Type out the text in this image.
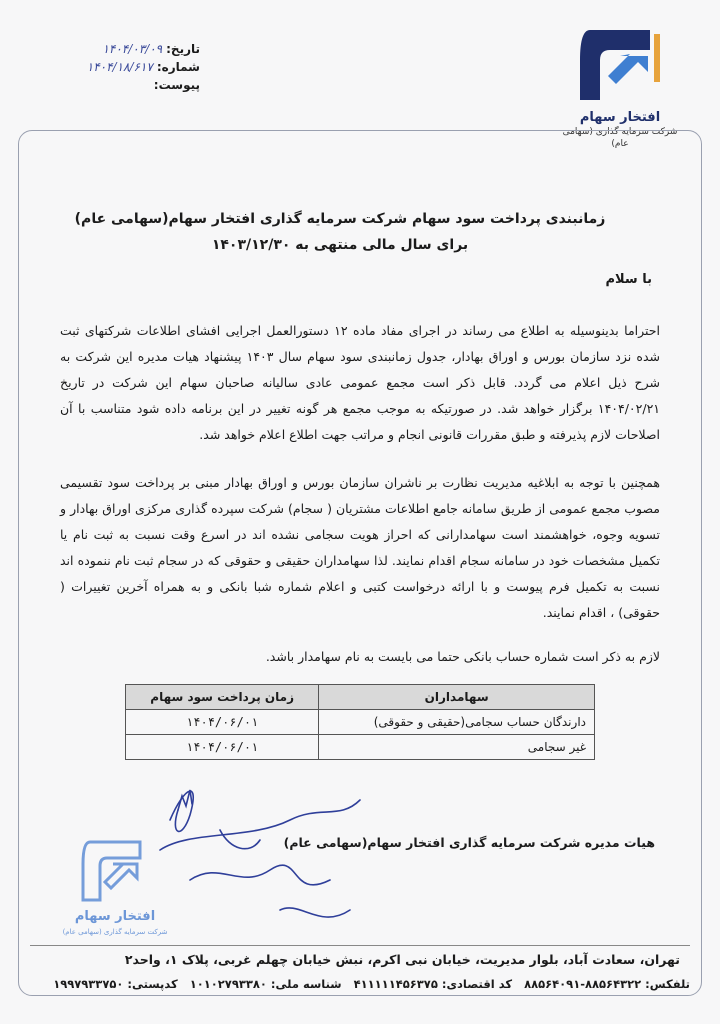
افتخار سهام
شرکت سرمایه گذاری (سهامی عام)
تاریخ:
۱۴۰۴/۰۳/۰۹
شماره:
۱۴۰۴/۱۸/۶۱۷
پیوست:
زمانبندی پرداخت سود سهام شرکت سرمایه گذاری افتخار سهام(سهامی عام)
برای سال مالی منتهی به ۱۴۰۳/۱۲/۳۰
با سلام
احتراما بدینوسیله به اطلاع می رساند در اجرای مفاد ماده ۱۲ دستورالعمل اجرایی افشای اطلاعات شرکتهای ثبت شده نزد سازمان بورس و اوراق بهادار، جدول زمانبندی سود سهام سال ۱۴۰۳ پیشنهاد هیات مدیره این شرکت به شرح ذیل اعلام می گردد. قابل ذکر است مجمع عمومی عادی سالیانه صاحبان سهام این شرکت در تاریخ ۱۴۰۴/۰۲/۲۱ برگزار خواهد شد. در صورتیکه به موجب مجمع هر گونه تغییر در این برنامه داده شود متناسب با آن اصلاحات لازم پذیرفته و طبق مقررات قانونی انجام و مراتب جهت اطلاع اعلام خواهد شد.
همچنین با توجه به ابلاغیه مدیریت نظارت بر ناشران سازمان بورس و اوراق بهادار مبنی بر پرداخت سود تقسیمی مصوب مجمع عمومی از طریق سامانه جامع اطلاعات مشتریان ( سجام) شرکت سپرده گذاری مرکزی اوراق بهادار و تسویه وجوه، خواهشمند است سهامدارانی که احراز هویت سجامی نشده اند در اسرع وقت نسبت به ثبت نام یا تکمیل مشخصات خود در سامانه سجام اقدام نمایند. لذا سهامداران حقیقی و حقوقی که در سجام ثبت نام ننموده اند نسبت به تکمیل فرم پیوست و با ارائه درخواست کتبی و اعلام شماره شبا بانکی و به همراه آخرین تغییرات ( حقوقی) ، اقدام نمایند.
لازم به ذکر است شماره حساب بانکی حتما می بایست به نام سهامدار باشد.
سهامداران	زمان پرداخت سود سهام
دارندگان حساب سجامی(حقیقی و حقوقی)	۱۴۰۴/۰۶/۰۱
غیر سجامی	۱۴۰۴/۰۶/۰۱
افتخار سهام
شرکت سرمایه گذاری (سهامی عام)
هیات مدیره شرکت سرمایه گذاری افتخار سهام(سهامی عام)
تهران، سعادت آباد، بلوار مدیریت، خیابان نبی اکرم، نبش خیابان چهلم غربی، پلاک ۱، واحد۲
تلفکس: ۸۸۵۶۴۳۲۲-۸۸۵۶۴۰۹۱ کد اقتصادی: ۴۱۱۱۱۱۴۵۶۳۷۵ شناسه ملی: ۱۰۱۰۲۷۹۳۳۸۰ کدپستی: ۱۹۹۷۹۳۳۷۵۰
